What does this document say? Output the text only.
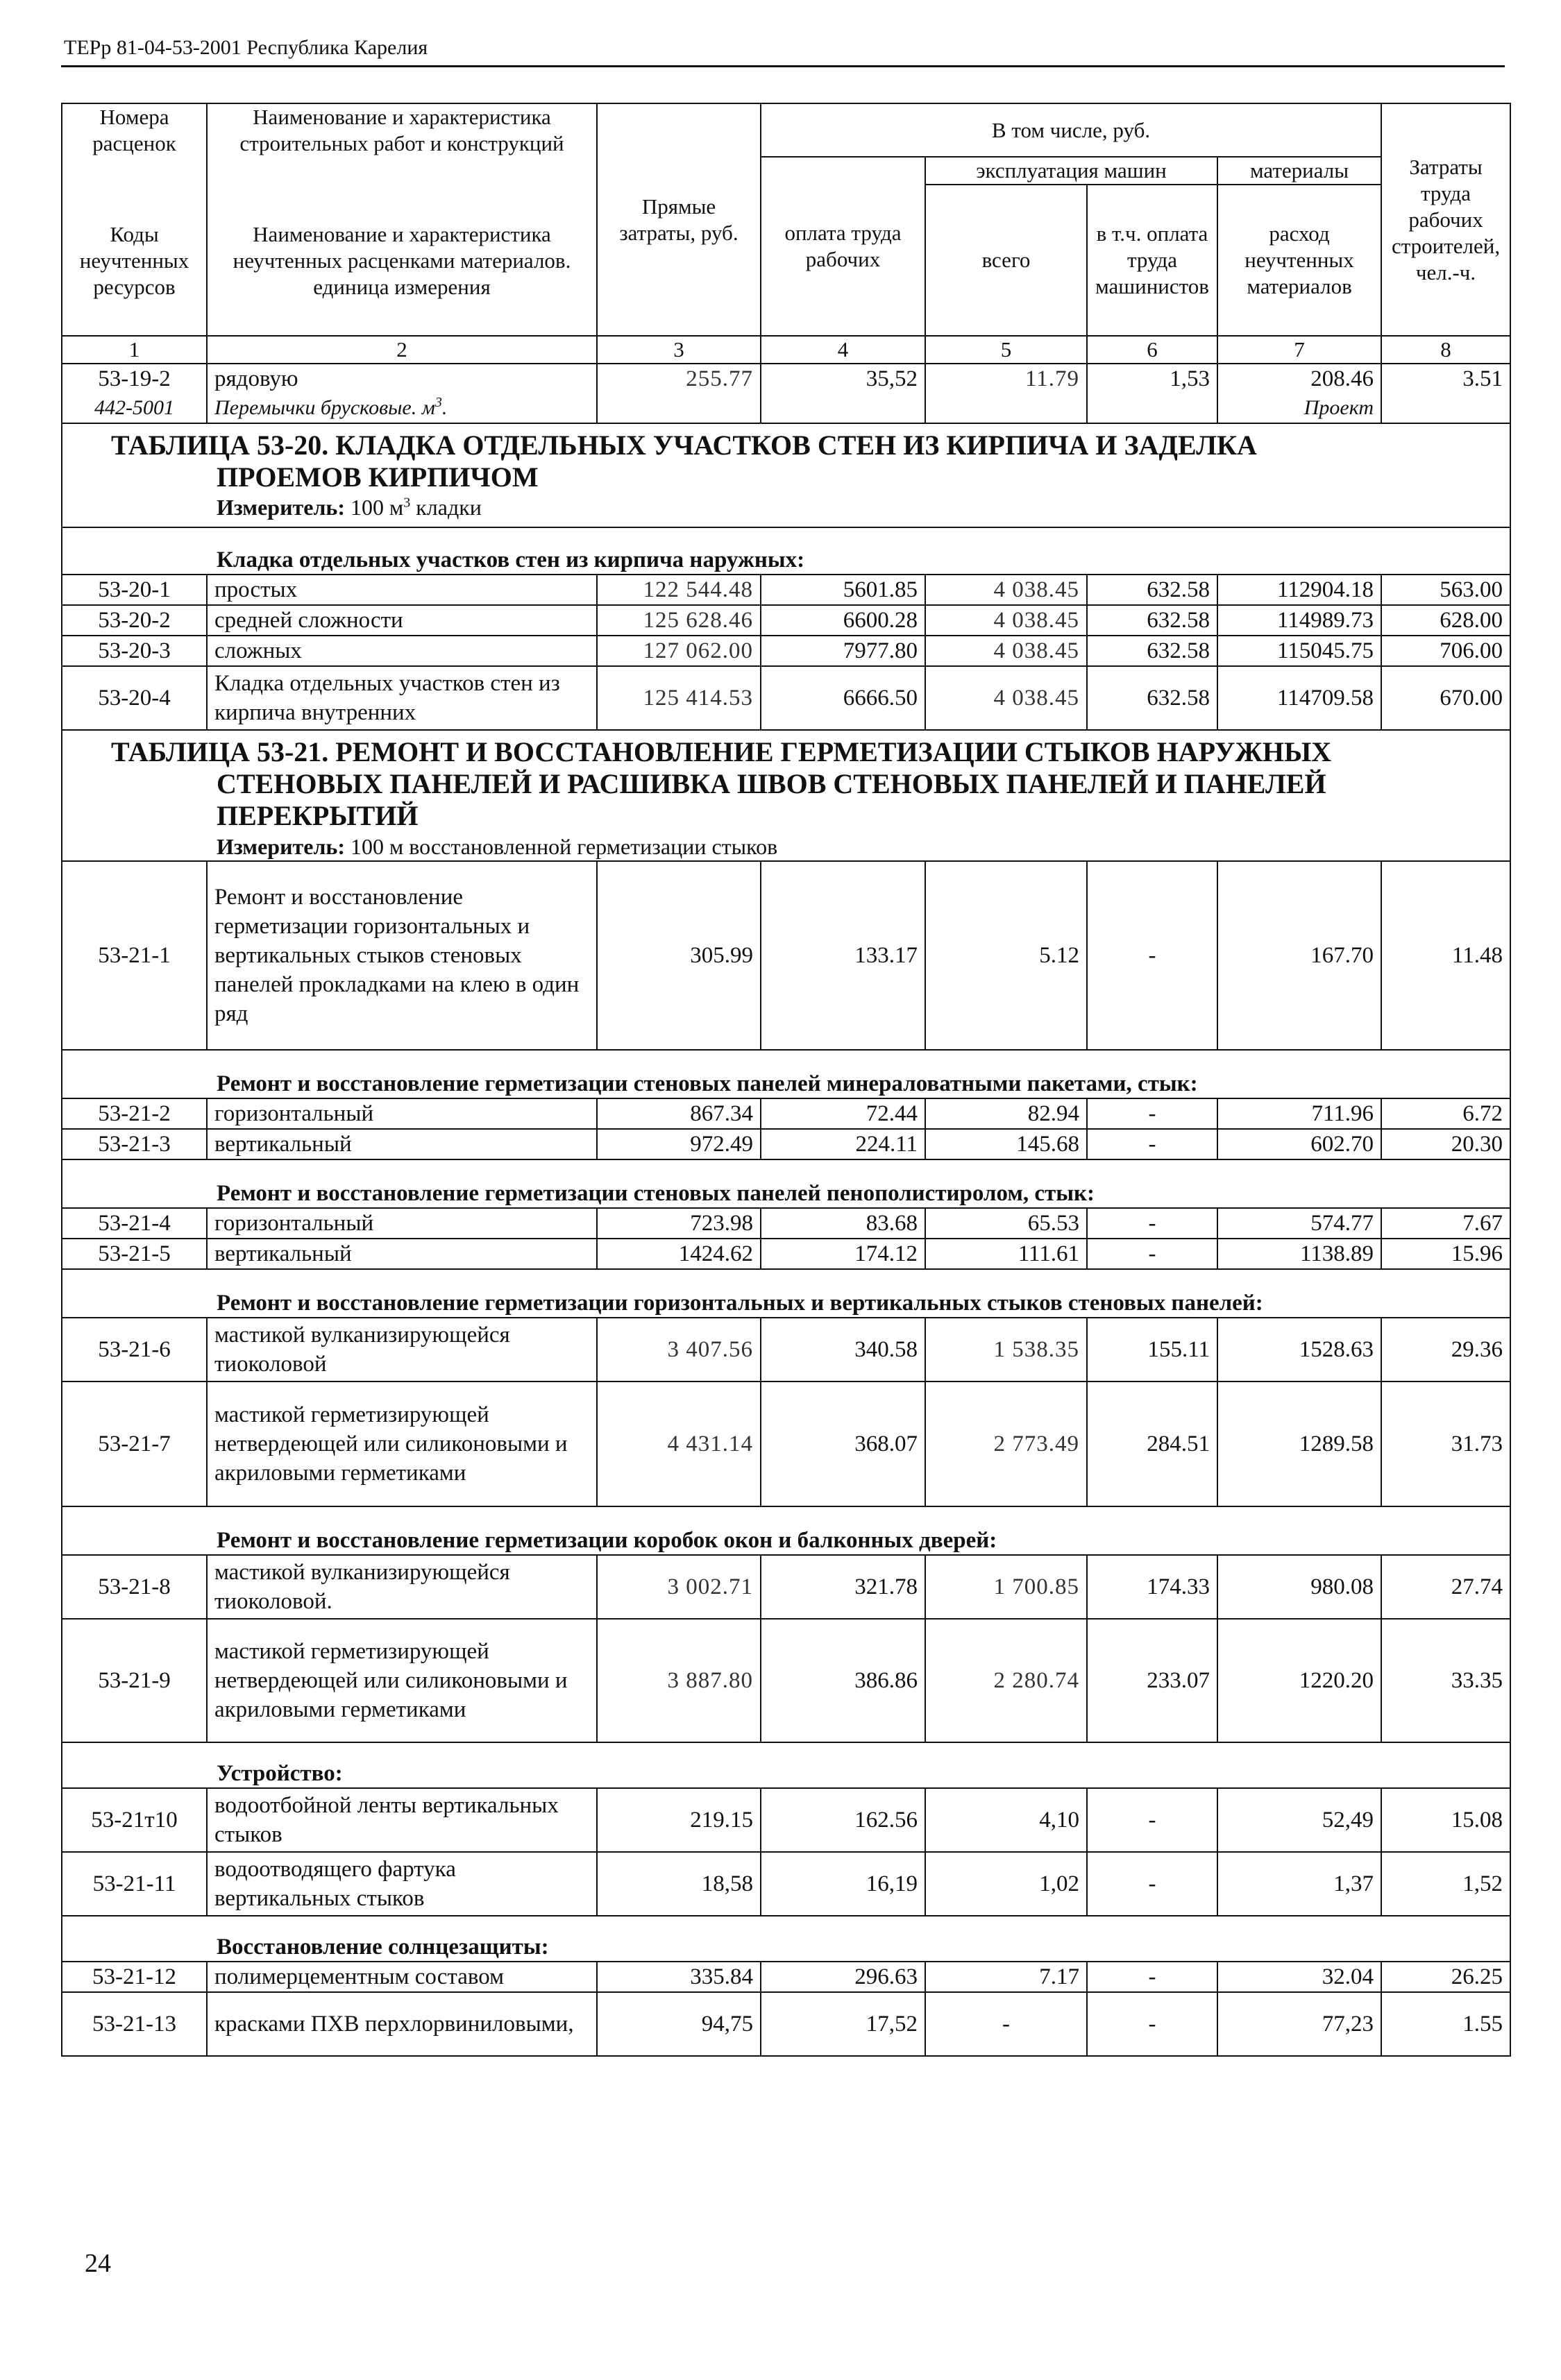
ТЕРр 81-04-53-2001 Республика Карелия
Номера расценок	Наименование и характеристика строительных работ и конструкций	Прямые затраты, руб.	В том числе, руб.				Затраты труда рабочих строителей, чел.-ч.
Коды неучтенных ресурсов	Наименование и характеристика неучтенных расценками материалов. единица измерения		оплата труда рабочих	эксплуатация машин		материалы	
				всего	в т.ч. оплата труда машинистов	расход неучтенных материалов	
1	2	3	4	5	6	7	8
53-19-2	рядовую	255.77	35,52	11.79	1,53	208.46	3.51
442-5001	Перемычки брусковые. $м^3$.					Проект	
ТАБЛИЦА 53-20. КЛАДКА ОТДЕЛЬНЫХ УЧАСТКОВ СТЕН ИЗ КИРПИЧА И ЗАДЕЛКА
ПРОЕМОВ КИРПИЧОМ							

Измеритель: 100 $м^3$ кладки							
Кладка отдельных участков стен из кирпича наружных:							
53-20-1	простых	122 544.48	5601.85	4 038.45	632.58	112904.18	563.00
53-20-2	средней сложности	125 628.46	6600.28	4 038.45	632.58	114989.73	628.00
53-20-3	сложных	127 062.00	7977.80	4 038.45	632.58	115045.75	706.00
53-20-4	Кладка отдельных участков стен из кирпича внутренних	125 414.53	6666.50	4 038.45	632.58	114709.58	670.00
ТАБЛИЦА 53-21. РЕМОНТ И ВОССТАНОВЛЕНИЕ ГЕРМЕТИЗАЦИИ СТЫКОВ НАРУЖНЫХ
СТЕНОВЫХ ПАНЕЛЕЙ И РАСШИВКА ШВОВ СТЕНОВЫХ ПАНЕЛЕЙ И ПАНЕЛЕЙ
ПЕРЕКРЫТИЙ							

Измеритель: 100 м восстановленной герметизации стыков							
53-21-1	Ремонт и восстановление герметизации горизонтальных и вертикальных стыков стеновых панелей прокладками на клею в один ряд	305.99	133.17	5.12	-	167.70	11.48
Ремонт и восстановление герметизации стеновых панелей минераловатными пакетами, стык:							
53-21-2	горизонтальный	867.34	72.44	82.94	-	711.96	6.72
53-21-3	вертикальный	972.49	224.11	145.68	-	602.70	20.30
Ремонт и восстановление герметизации стеновых панелей пенополистиролом, стык:							
53-21-4	горизонтальный	723.98	83.68	65.53	-	574.77	7.67
53-21-5	вертикальный	1424.62	174.12	111.61	-	1138.89	15.96
Ремонт и восстановление герметизации горизонтальных и вертикальных стыков стеновых панелей:							
53-21-6	мастикой вулканизирующейся тиоколовой	3 407.56	340.58	1 538.35	155.11	1528.63	29.36
53-21-7	мастикой герметизирующей нетвердеющей или силиконовыми и акриловыми герметиками	4 431.14	368.07	2 773.49	284.51	1289.58	31.73
Ремонт и восстановление герметизации коробок окон и балконных дверей:							
53-21-8	мастикой вулканизирующейся тиоколовой.	3 002.71	321.78	1 700.85	174.33	980.08	27.74
53-21-9	мастикой герметизирующей нетвердеющей или силиконовыми и акриловыми герметиками	3 887.80	386.86	2 280.74	233.07	1220.20	33.35
Устройство:							
53-21т10	водоотбойной ленты вертикальных стыков	219.15	162.56	4,10	-	52,49	15.08
53-21-11	водоотводящего фартука вертикальных стыков	18,58	16,19	1,02	-	1,37	1,52
Восстановление солнцезащиты:							
53-21-12	полимерцементным составом	335.84	296.63	7.17	-	32.04	26.25
53-21-13	красками ПХВ перхлорвиниловыми,	94,75	17,52	-	-	77,23	1.55
24
